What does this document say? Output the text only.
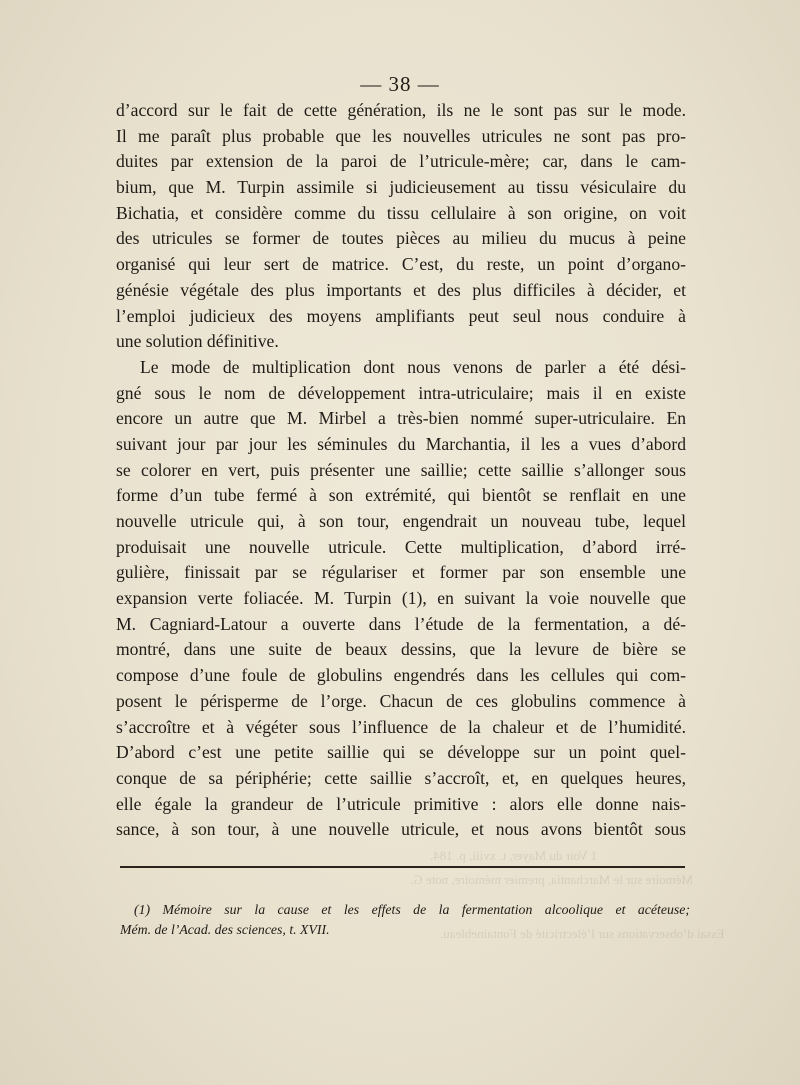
1 Voir du Mayer, t. xviii, p. 184.
Mémoire sur le Marchantia, premier mémoire, note G.
Essai d’observations sur l’électricité de Fontainebleau.
— 38 —
d’accord sur le fait de cette génération, ils ne le sont pas sur le mode.
Il me paraît plus probable que les nouvelles utricules ne sont pas pro-
duites par extension de la paroi de l’utricule-mère; car, dans le cam-
bium, que M. Turpin assimile si judicieusement au tissu vésiculaire du
Bichatia, et considère comme du tissu cellulaire à son origine, on voit
des utricules se former de toutes pièces au milieu du mucus à peine
organisé qui leur sert de matrice. C’est, du reste, un point d’organo-
génésie végétale des plus importants et des plus difficiles à décider, et
l’emploi judicieux des moyens amplifiants peut seul nous conduire à
une solution définitive.
Le mode de multiplication dont nous venons de parler a été dési-
gné sous le nom de développement intra-utriculaire; mais il en existe
encore un autre que M. Mirbel a très-bien nommé super-utriculaire. En
suivant jour par jour les séminules du Marchantia, il les a vues d’abord
se colorer en vert, puis présenter une saillie; cette saillie s’allonger sous
forme d’un tube fermé à son extrémité, qui bientôt se renflait en une
nouvelle utricule qui, à son tour, engendrait un nouveau tube, lequel
produisait une nouvelle utricule. Cette multiplication, d’abord irré-
gulière, finissait par se régulariser et former par son ensemble une
expansion verte foliacée. M. Turpin (1), en suivant la voie nouvelle que
M. Cagniard-Latour a ouverte dans l’étude de la fermentation, a dé-
montré, dans une suite de beaux dessins, que la levure de bière se
compose d’une foule de globulins engendrés dans les cellules qui com-
posent le périsperme de l’orge. Chacun de ces globulins commence à
s’accroître et à végéter sous l’influence de la chaleur et de l’humidité.
D’abord c’est une petite saillie qui se développe sur un point quel-
conque de sa périphérie; cette saillie s’accroît, et, en quelques heures,
elle égale la grandeur de l’utricule primitive : alors elle donne nais-
sance, à son tour, à une nouvelle utricule, et nous avons bientôt sous
(1) Mémoire sur la cause et les effets de la fermentation alcoolique et acéteuse;
Mém. de l’Acad. des sciences, t. XVII.
